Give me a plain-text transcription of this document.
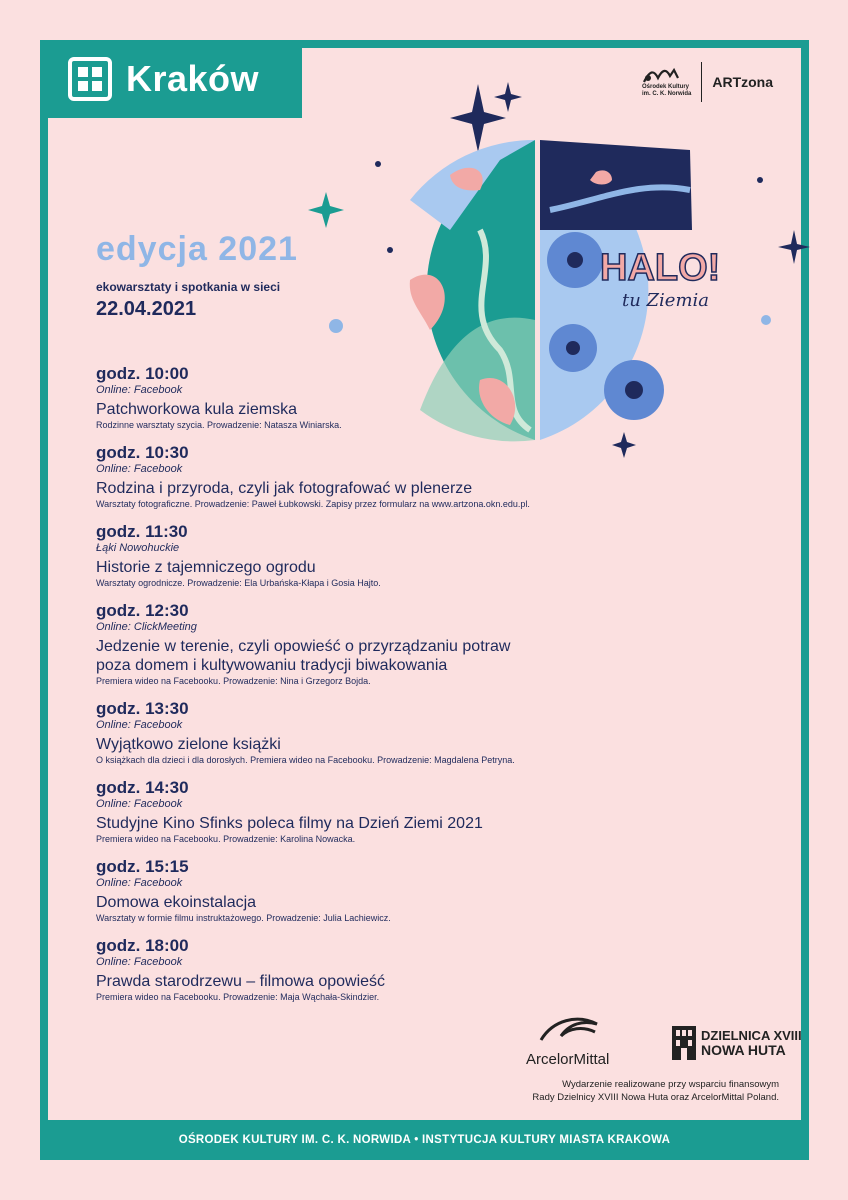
Kraków	Ośrodek Kultury
im. C. K. Norwida
ARTzona
HALO!
tu Ziemia
edycja 2021
ekowarsztaty i spotkania w sieci
22.04.2021
godz. 10:00
Online: Facebook
Patchworkowa kula ziemska
Rodzinne warsztaty szycia. Prowadzenie: Natasza Winiarska.
godz. 10:30
Online: Facebook
Rodzina i przyroda, czyli jak fotografować w plenerze
Warsztaty fotograficzne. Prowadzenie: Paweł Łubkowski. Zapisy przez formularz na www.artzona.okn.edu.pl.
godz. 11:30
Łąki Nowohuckie
Historie z tajemniczego ogrodu
Warsztaty ogrodnicze. Prowadzenie: Ela Urbańska-Kłapa i Gosia Hajto.
godz. 12:30
Online: ClickMeeting
Jedzenie w terenie, czyli opowieść o przyrządzaniu potraw
poza domem i kultywowaniu tradycji biwakowania
Premiera wideo na Facebooku. Prowadzenie: Nina i Grzegorz Bojda.
godz. 13:30
Online: Facebook
Wyjątkowo zielone książki
O książkach dla dzieci i dla dorosłych. Premiera wideo na Facebooku. Prowadzenie: Magdalena Petryna.
godz. 14:30
Online: Facebook
Studyjne Kino Sfinks poleca filmy na Dzień Ziemi 2021
Premiera wideo na Facebooku. Prowadzenie: Karolina Nowacka.
godz. 15:15
Online: Facebook
Domowa ekoinstalacja
Warsztaty w formie filmu instruktażowego. Prowadzenie: Julia Lachiewicz.
godz. 18:00
Online: Facebook
Prawda starodrzewu – filmowa opowieść
Premiera wideo na Facebooku. Prowadzenie: Maja Wąchała-Skindzier.
ArcelorMittal
DZIELNICA XVIII
NOWA HUTA
Wydarzenie realizowane przy wsparciu finansowym
Rady Dzielnicy XVIII Nowa Huta oraz ArcelorMittal Poland.
OŚRODEK KULTURY IM. C. K. NORWIDA • INSTYTUCJA KULTURY MIASTA KRAKOWA
